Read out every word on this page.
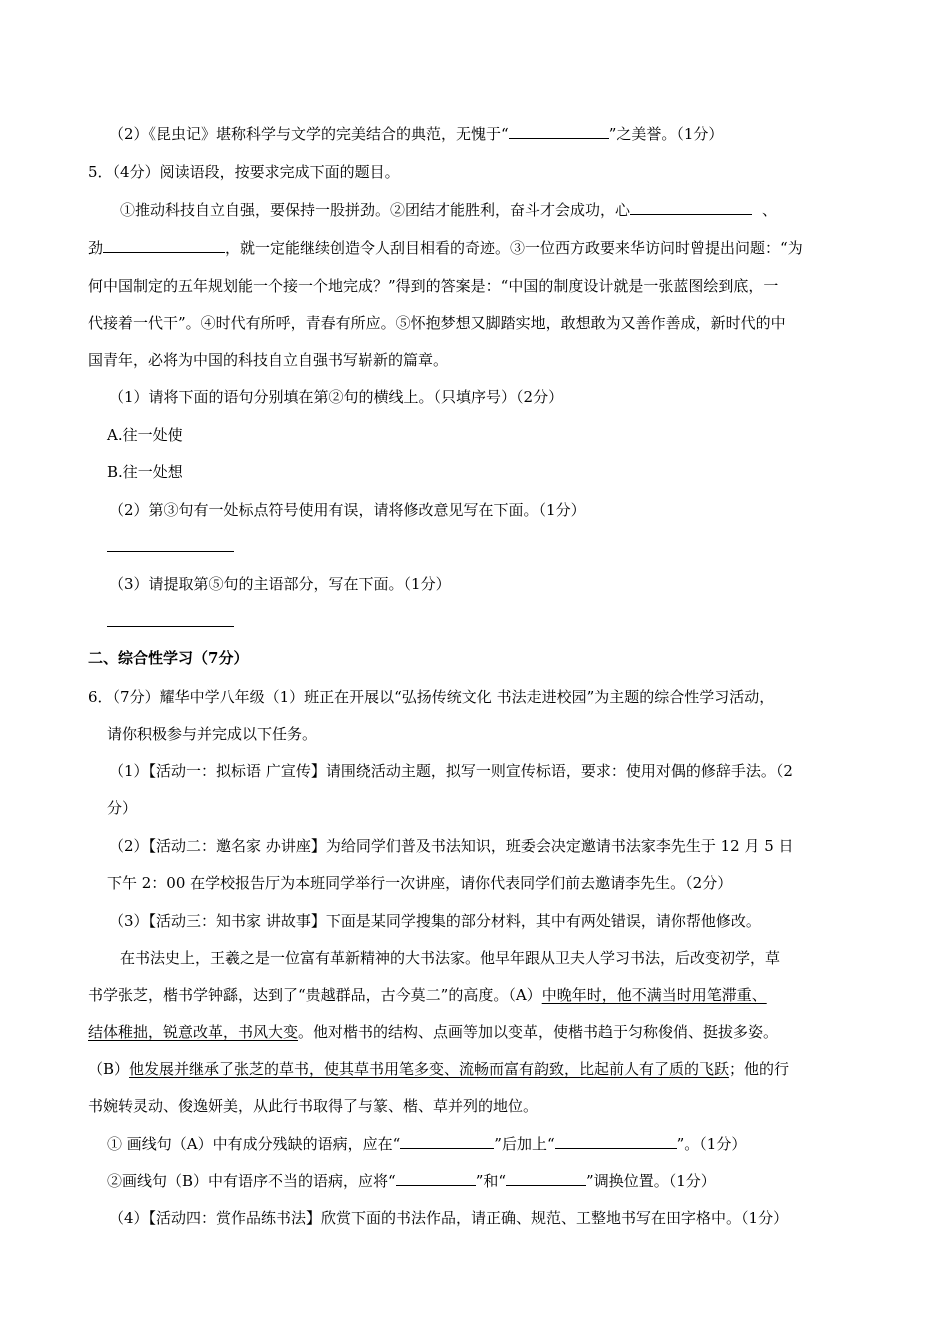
（2）《昆虫记》堪称科学与文学的完美结合的典范，无愧于“	”之美誉。（1分）
5．（4分）阅读语段，按要求完成下面的题目。
①推动科技自立自强，要保持一股拼劲。②团结才能胜利，奋斗才会成功，心	、
劲	，就一定能继续创造令人刮目相看的奇迹。③一位西方政要来华访问时曾提出问题：“为
何中国制定的五年规划能一个接一个地完成？”得到的答案是：“中国的制度设计就是一张蓝图绘到底，一
代接着一代干”。④时代有所呼，青春有所应。⑤怀抱梦想又脚踏实地，敢想敢为又善作善成，新时代的中
国青年，必将为中国的科技自立自强书写崭新的篇章。
（1）请将下面的语句分别填在第②句的横线上。（只填序号）（2分）
A.往一处使
B.往一处想
（2）第③句有一处标点符号使用有误，请将修改意见写在下面。（1分）
（3）请提取第⑤句的主语部分，写在下面。（1分）
二、综合性学习（7分）
6．（7分）耀华中学八年级（1）班正在开展以“弘扬传统文化 书法走进校园”为主题的综合性学习活动，
请你积极参与并完成以下任务。
（1）【活动一：拟标语 广宣传】请围绕活动主题，拟写一则宣传标语，要求：使用对偶的修辞手法。（2
分）
（2）【活动二：邀名家 办讲座】为给同学们普及书法知识，班委会决定邀请书法家李先生于 12 月 5 日
下午 2：00 在学校报告厅为本班同学举行一次讲座，请你代表同学们前去邀请李先生。（2分）
（3）【活动三：知书家 讲故事】下面是某同学搜集的部分材料，其中有两处错误，请你帮他修改。
在书法史上，王羲之是一位富有革新精神的大书法家。他早年跟从卫夫人学习书法，后改变初学，草
书学张芝，楷书学钟繇，达到了“贵越群品，古今莫二”的高度。（A）中晚年时，他不满当时用笔滞重、
结体稚拙，锐意改革，书风大变。他对楷书的结构、点画等加以变革，使楷书趋于匀称俊俏、挺拔多姿。
（B）他发展并继承了张芝的草书，使其草书用笔多变、流畅而富有韵致，比起前人有了质的飞跃；他的行
书婉转灵动、俊逸妍美，从此行书取得了与篆、楷、草并列的地位。
① 画线句（A）中有成分残缺的语病，应在“	”后加上“	”。（1分）
②画线句（B）中有语序不当的语病，应将“	”和“	”调换位置。（1分）
（4）【活动四：赏作品练书法】欣赏下面的书法作品，请正确、规范、工整地书写在田字格中。（1分）
